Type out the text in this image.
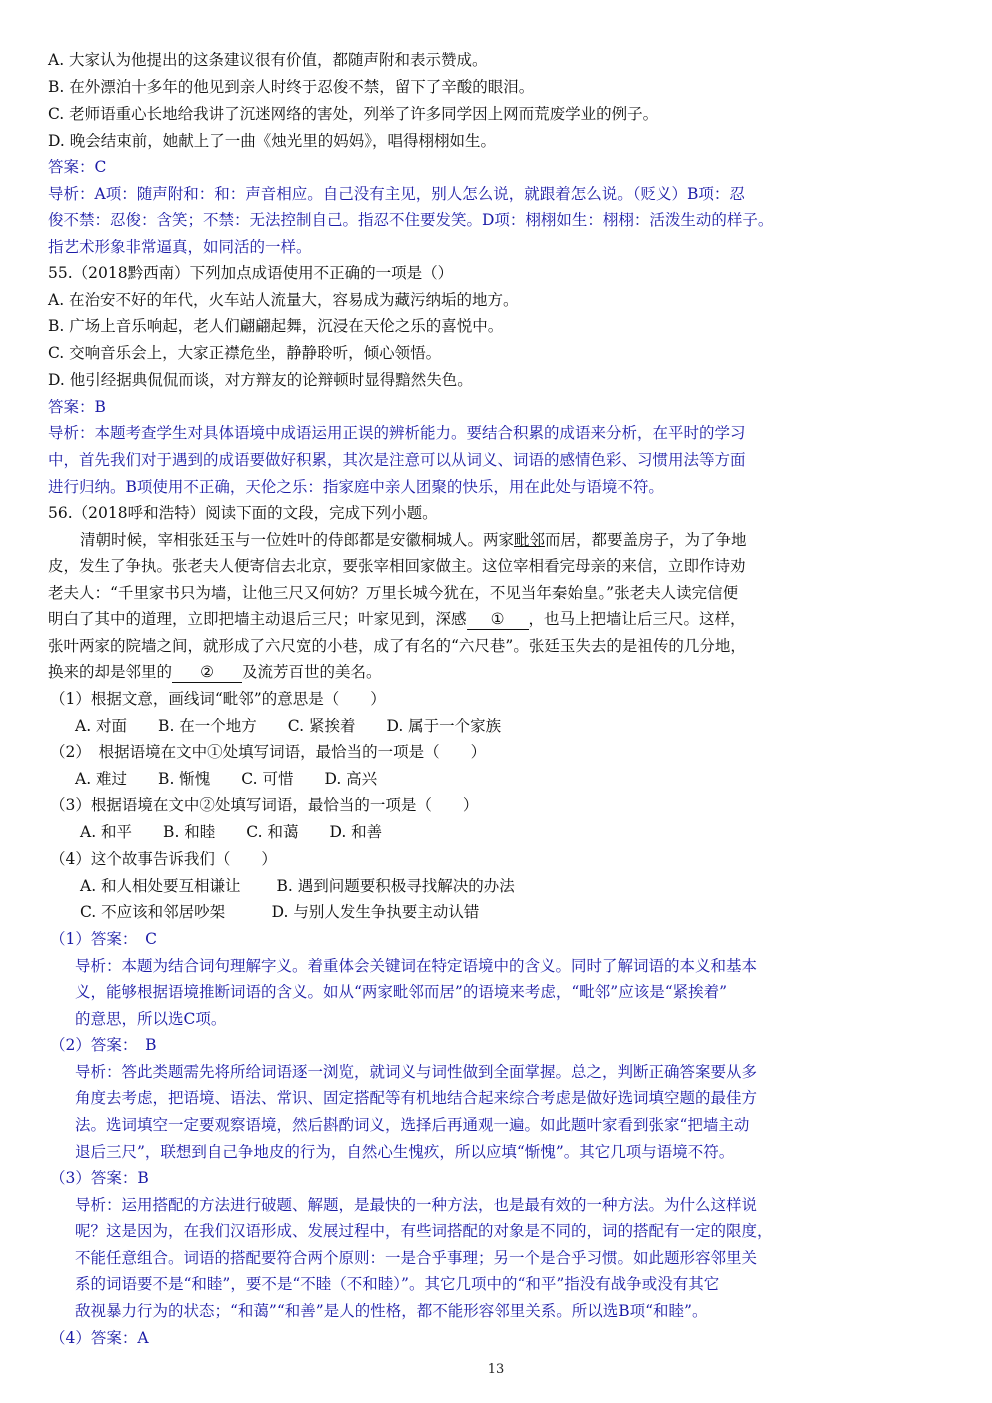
A. 大家认为他提出的这条建议很有价值，都随声附和表示赞成。
B. 在外漂泊十多年的他见到亲人时终于忍俊不禁，留下了辛酸的眼泪。
C. 老师语重心长地给我讲了沉迷网络的害处，列举了许多同学因上网而荒废学业的例子。
D. 晚会结束前，她献上了一曲《烛光里的妈妈》，唱得栩栩如生。
答案：C
导析：A项：随声附和：和：声音相应。自己没有主见，别人怎么说，就跟着怎么说。（贬义）B项：忍
俊不禁：忍俊：含笑；不禁：无法控制自己。指忍不住要发笑。D项：栩栩如生：栩栩：活泼生动的样子。
指艺术形象非常逼真，如同活的一样。
55.（2018黔西南）下列加点成语使用不正确的一项是（）
A. 在治安不好的年代，火车站人流量大，容易成为藏污纳垢的地方。
B. 广场上音乐响起，老人们翩翩起舞，沉浸在天伦之乐的喜悦中。
C. 交响音乐会上，大家正襟危坐，静静聆听，倾心领悟。
D. 他引经据典侃侃而谈，对方辩友的论辩顿时显得黯然失色。
答案：B
导析：本题考查学生对具体语境中成语运用正误的辨析能力。要结合积累的成语来分析，在平时的学习
中，首先我们对于遇到的成语要做好积累，其次是注意可以从词义、词语的感情色彩、习惯用法等方面
进行归纳。B项使用不正确，天伦之乐：指家庭中亲人团聚的快乐，用在此处与语境不符。
56.（2018呼和浩特）阅读下面的文段，完成下列小题。
清朝时候，宰相张廷玉与一位姓叶的侍郎都是安徽桐城人。两家毗邻而居，都要盖房子，为了争地
皮，发生了争执。张老夫人便寄信去北京，要张宰相回家做主。这位宰相看完母亲的来信，立即作诗劝
老夫人：“千里家书只为墙，让他三尺又何妨？万里长城今犹在，不见当年秦始皇。”张老夫人读完信便
明白了其中的道理，立即把墙主动退后三尺；叶家见到，深感 ① ，也马上把墙让后三尺。这样，
张叶两家的院墙之间，就形成了六尺宽的小巷，成了有名的“六尺巷”。张廷玉失去的是祖传的几分地，
换来的却是邻里的 ② 及流芳百世的美名。
（1）根据文意，画线词“毗邻”的意思是（　　）
A. 对面　　B. 在一个地方　　C. 紧挨着　　D. 属于一个家族
（2）　根据语境在文中①处填写词语，最恰当的一项是（　　）
A. 难过　　B. 惭愧　　C. 可惜　　D. 高兴
（3）根据语境在文中②处填写词语，最恰当的一项是（　　）
A. 和平　　B. 和睦　　C. 和蔼　　D. 和善
（4）这个故事告诉我们（　　）
A. 和人相处要互相谦让　　 B. 遇到问题要积极寻找解决的办法
C. 不应该和邻居吵架　　　D. 与别人发生争执要主动认错
（1）答案：　C
导析：本题为结合词句理解字义。着重体会关键词在特定语境中的含义。同时了解词语的本义和基本
义，能够根据语境推断词语的含义。如从“两家毗邻而居”的语境来考虑，“毗邻”应该是“紧挨着”
的意思，所以选C项。
（2）答案：　B
导析：答此类题需先将所给词语逐一浏览，就词义与词性做到全面掌握。总之，判断正确答案要从多
角度去考虑，把语境、语法、常识、固定搭配等有机地结合起来综合考虑是做好选词填空题的最佳方
法。选词填空一定要观察语境，然后斟酌词义，选择后再通观一遍。如此题叶家看到张家“把墙主动
退后三尺”，联想到自己争地皮的行为，自然心生愧疚，所以应填“惭愧”。其它几项与语境不符。
（3）答案：B
导析：运用搭配的方法进行破题、解题，是最快的一种方法，也是最有效的一种方法。为什么这样说
呢？这是因为，在我们汉语形成、发展过程中，有些词搭配的对象是不同的，词的搭配有一定的限度，
不能任意组合。词语的搭配要符合两个原则：一是合乎事理；另一个是合乎习惯。如此题形容邻里关
系的词语要不是“和睦”，要不是“不睦（不和睦）”。其它几项中的“和平”指没有战争或没有其它
敌视暴力行为的状态；“和蔼”“和善”是人的性格，都不能形容邻里关系。所以选B项“和睦”。
（4）答案：A
13
